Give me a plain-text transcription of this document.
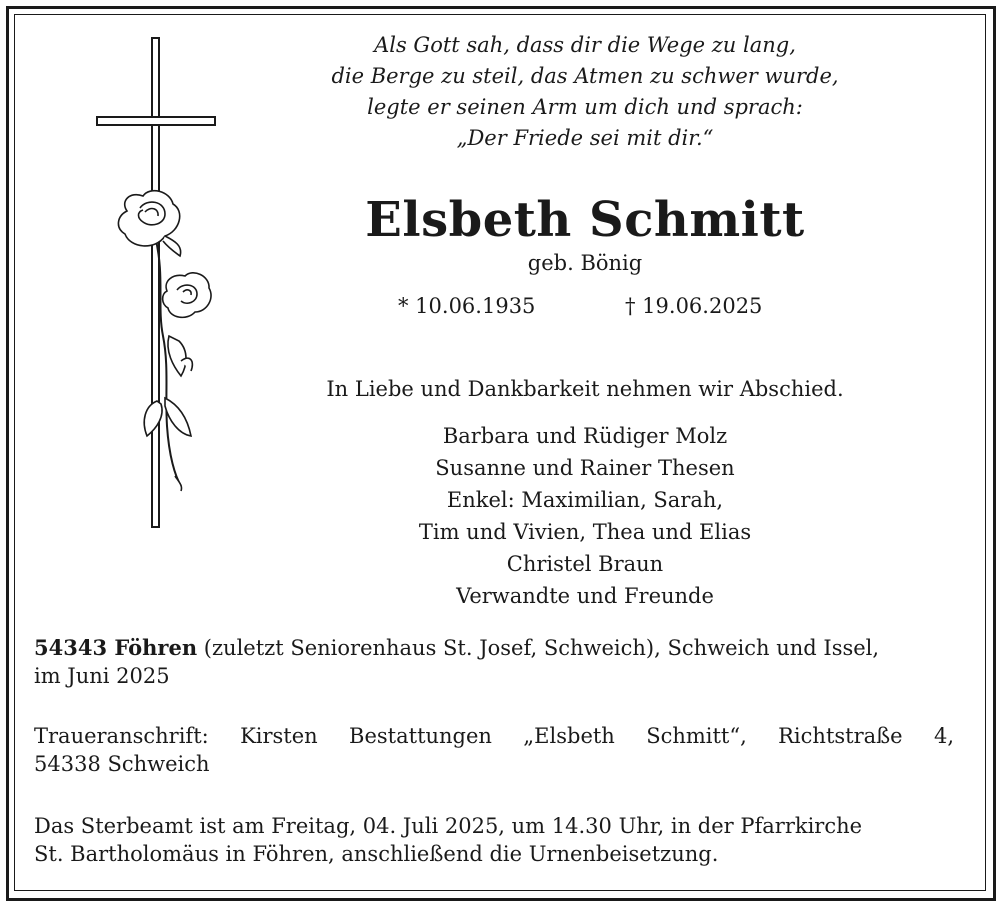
Als Gott sah, dass dir die Wege zu lang,
die Berge zu steil, das Atmen zu schwer wurde,
legte er seinen Arm um dich und sprach:
„Der Friede sei mit dir.“
Elsbeth Schmitt
geb. Bönig
* 10.06.1935	† 19.06.2025
In Liebe und Dankbarkeit nehmen wir Abschied.
Barbara und Rüdiger Molz
Susanne und Rainer Thesen
Enkel: Maximilian, Sarah,
Tim und Vivien, Thea und Elias
Christel Braun
Verwandte und Freunde
54343 Föhren (zuletzt Seniorenhaus St. Josef, Schweich), Schweich und Issel,
im Juni 2025
Traueranschrift: Kirsten Bestattungen „Elsbeth Schmitt“, Richtstraße 4,
54338 Schweich
Das Sterbeamt ist am Freitag, 04. Juli 2025, um 14.30 Uhr, in der Pfarrkirche
St. Bartholomäus in Föhren, anschließend die Urnenbeisetzung.
